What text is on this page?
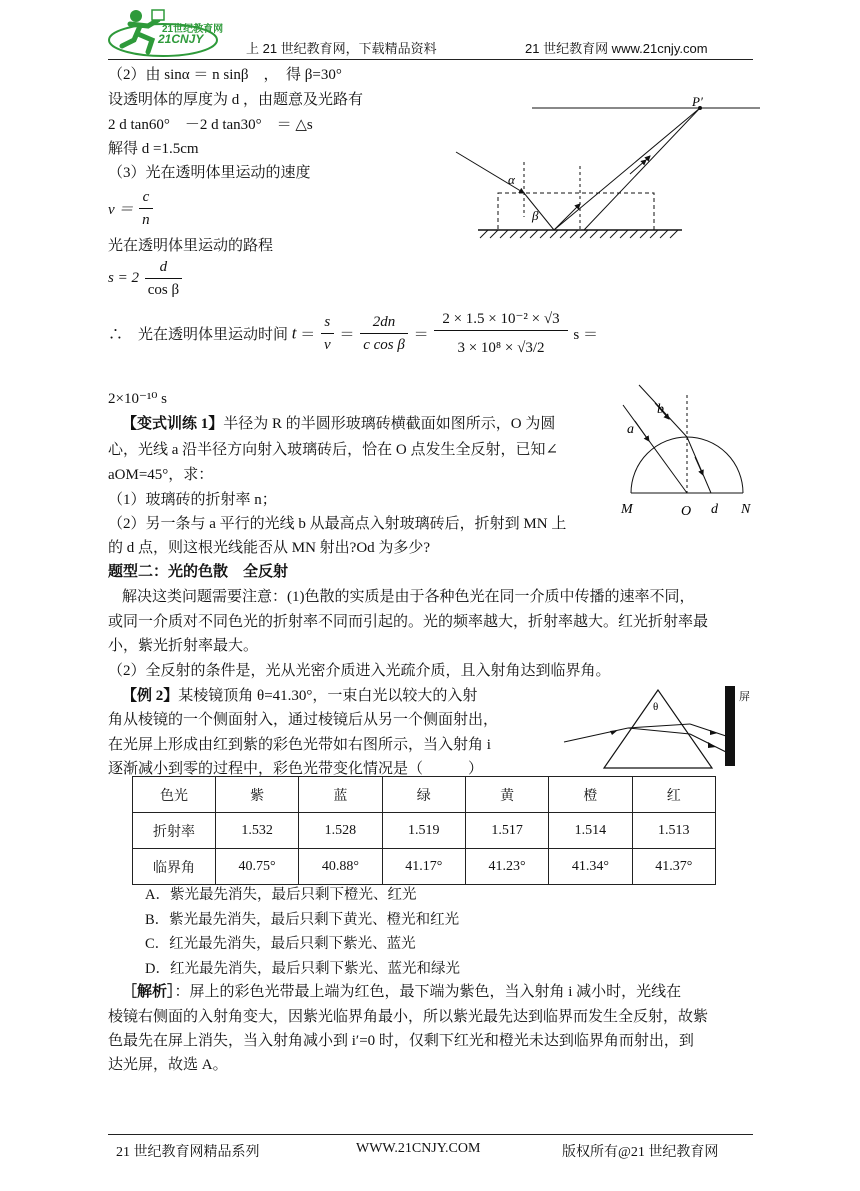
21世纪教育网
21CNJY
上 21 世纪教育网，下载精品资料	21 世纪教育网 www.21cnjy.com
（2）由 sinα ＝ n sinβ　，　得 β=30°
设透明体的厚度为 d ，由题意及光路有
2 d tan60°　－2 d tan30°　＝ △s
解得 d =1.5cm
（3）光在透明体里运动的速度
$v = \frac{c}{n}$
光在透明体里运动的路程
$s = 2 \frac{d}{\text{cos β}}$
∴　光在透明体里运动时间 $t = \frac{s}{v} = \frac{2dn}{\text{c cos β}} = \frac{\text{2 × 1.5 × 10⁻² × √3}}{\text{3 × 10⁸ × √3/2}}$ s ＝
2×10⁻¹⁰ s
P′
α
β
【变式训练 1】半径为 R 的半圆形玻璃砖横截面如图所示，O 为圆
心，光线 a 沿半径方向射入玻璃砖后，恰在 O 点发生全反射，已知∠
aOM=45°，求：
（1）玻璃砖的折射率 n；
（2）另一条与 a 平行的光线 b 从最高点入射玻璃砖后，折射到 MN 上
的 d 点，则这根光线能否从 MN 射出?Od 为多少?
a
b
M	O d N
题型二：光的色散　全反射
解决这类问题需要注意：(1)色散的实质是由于各种色光在同一介质中传播的速率不同，
或同一介质对不同色光的折射率不同而引起的。光的频率越大，折射率越大。红光折射率最
小，紫光折射率最大。
（2）全反射的条件是，光从光密介质进入光疏介质，且入射角达到临界角。
【例 2】某棱镜顶角 θ=41.30°，一束白光以较大的入射
角从棱镜的一个侧面射入，通过棱镜后从另一个侧面射出，
在光屏上形成由红到紫的彩色光带如右图所示，当入射角 i
逐渐减小到零的过程中，彩色光带变化情况是（　　　）
θ
屏
色光	紫	蓝	绿	黄	橙	红
折射率	1.532	1.528	1.519	1.517	1.514	1.513
临界角	40.75°	40.88°	41.17°	41.23°	41.34°	41.37°
A．紫光最先消失，最后只剩下橙光、红光
B．紫光最先消失，最后只剩下黄光、橙光和红光
C．红光最先消失，最后只剩下紫光、蓝光
D．红光最先消失，最后只剩下紫光、蓝光和绿光
［解析］：屏上的彩色光带最上端为红色，最下端为紫色，当入射角 i 减小时，光线在
棱镜右侧面的入射角变大，因紫光临界角最小，所以紫光最先达到临界而发生全反射，故紫
色最先在屏上消失，当入射角减小到 i′=0 时，仅剩下红光和橙光未达到临界角而射出，到
达光屏，故选 A。
21 世纪教育网精品系列	WWW.21CNJY.COM	版权所有@21 世纪教育网
